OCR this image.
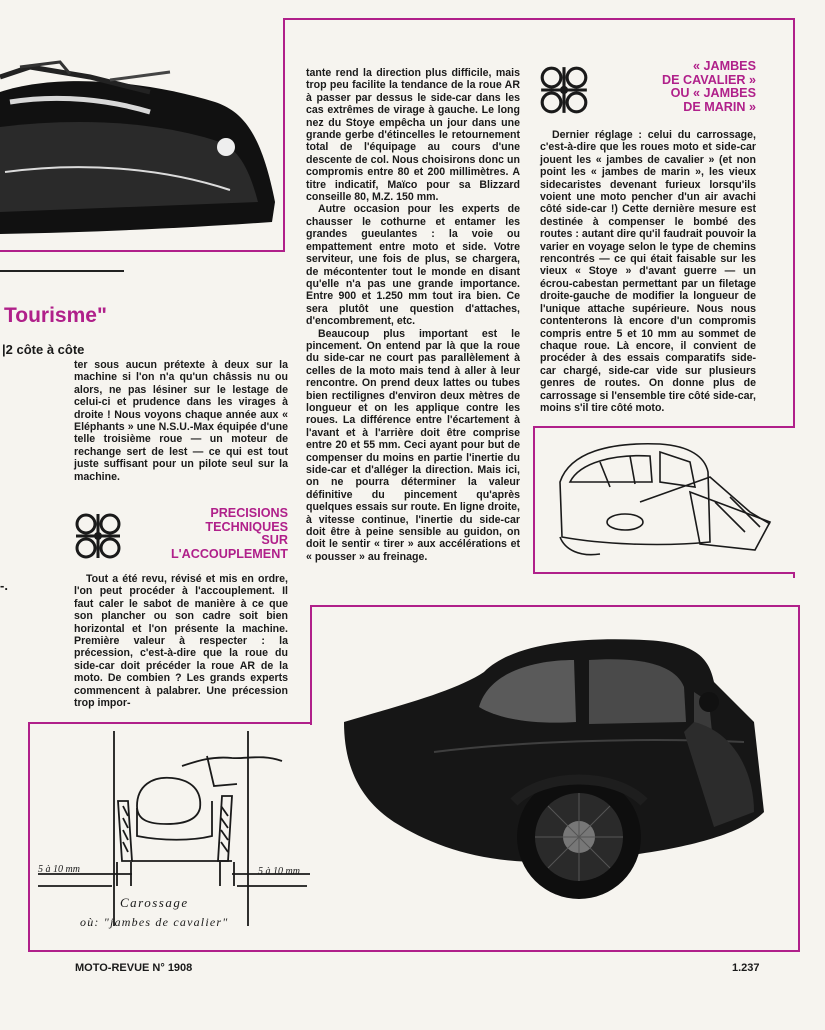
Tourisme"
|2 côte à côte
-.

ter sous aucun prétexte à deux sur la machine si l'on n'a qu'un châssis nu ou alors, ne pas lésiner sur le lestage de celui-ci et prudence dans les virages à droite ! Nous voyons chaque année aux « Eléphants » une N.S.U.-Max équipée d'une telle troisième roue — un moteur de rechange sert de lest — ce qui est tout juste suffisant pour un pilote seul sur la machine.

PRECISIONS
TECHNIQUES
SUR
L'ACCOUPLEMENT

Tout a été revu, révisé et mis en ordre, l'on peut procéder à l'accouplement. Il faut caler le sabot de manière à ce que son plancher ou son cadre soit bien horizontal et l'on présente la machine. Première valeur à respecter : la précession, c'est-à-dire que la roue du side-car doit précéder la roue AR de la moto. De combien ? Les grands experts commencent à palabrer. Une précession trop impor-

tante rend la direction plus difficile, mais trop peu facilite la tendance de la roue AR à passer par dessus le side-car dans les cas extrêmes de virage à gauche. Le long nez du Stoye empêcha un jour dans une grande gerbe d'étincelles le retournement total de l'équipage au cours d'une descente de col. Nous choisirons donc un compromis entre 80 et 200 millimètres. A titre indicatif, Maïco pour sa Blizzard conseille 80, M.Z. 150 mm.

Autre occasion pour les experts de chausser le cothurne et entamer les grandes gueulantes : la voie ou empattement entre moto et side. Votre serviteur, une fois de plus, se chargera, de mécontenter tout le monde en disant qu'elle n'a pas une grande importance. Entre 900 et 1.250 mm tout ira bien. Ce sera plutôt une question d'attaches, d'encombrement, etc.

Beaucoup plus important est le pincement. On entend par là que la roue du side-car ne court pas parallèlement à celles de la moto mais tend à aller à leur rencontre. On prend deux lattes ou tubes bien rectilignes d'environ deux mètres de longueur et on les applique contre les roues. La différence entre l'écartement à l'avant et à l'arrière doit être comprise entre 20 et 55 mm. Ceci ayant pour but de compenser du moins en partie l'inertie du side-car et d'alléger la direction. Mais ici, on ne pourra déterminer la valeur définitive du pincement qu'après quelques essais sur route. En ligne droite, à vitesse continue, l'inertie du side-car doit être à peine sensible au guidon, on doit le sentir « tirer » aux accélérations et « pousser » au freinage.

« JAMBES
DE CAVALIER »
OU « JAMBES
DE MARIN »

Dernier réglage : celui du carrossage, c'est-à-dire que les roues moto et side-car jouent les « jambes de cavalier » (et non point les « jambes de marin », les vieux sidecaristes devenant furieux lorsqu'ils voient une moto pencher d'un air avachi côté side-car !) Cette dernière mesure est destinée à compenser le bombé des routes : autant dire qu'il faudrait pouvoir la varier en voyage selon le type de chemins rencontrés — ce qui était faisable sur les vieux « Stoye » d'avant guerre — un écrou-cabestan permettant par un filetage droite-gauche de modifier la longueur de l'unique attache supérieure. Nous nous contenterons là encore d'un compromis compris entre 5 et 10 mm au sommet de chaque roue. Là encore, il convient de procéder à des essais comparatifs side-car chargé, side-car vide sur plusieurs genres de routes. On donne plus de carrossage si l'ensemble tire côté side-car, moins s'il tire côté moto.

5 à 10 mm	5 à 10 mm
Carossage
où: "jambes de cavalier"
MOTO-REVUE N° 1908	1.237
